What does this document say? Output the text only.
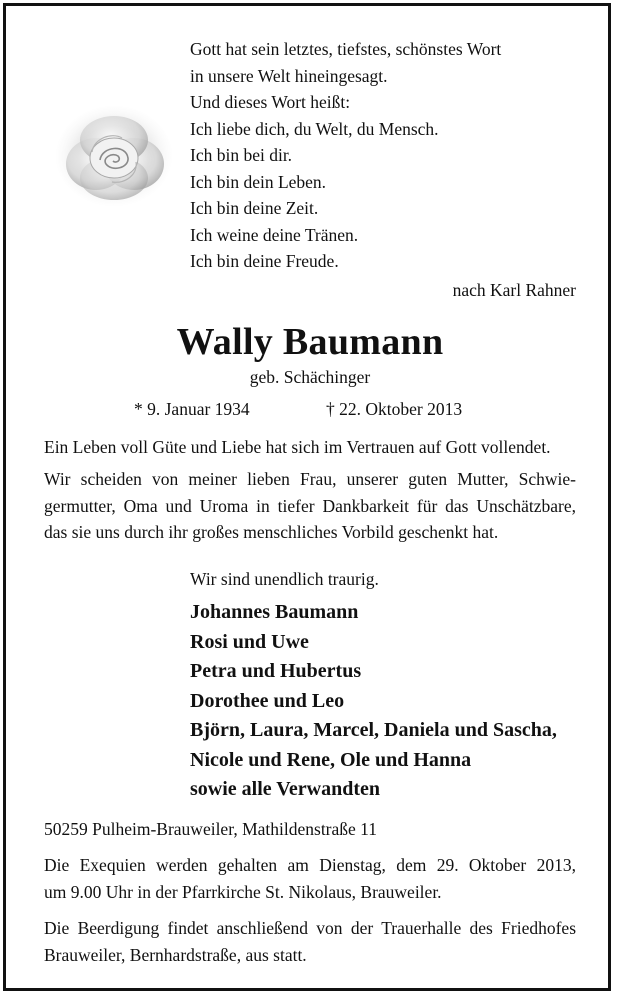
Gott hat sein letztes, tiefstes, schönstes Wort
in unsere Welt hineingesagt.
Und dieses Wort heißt:
Ich liebe dich, du Welt, du Mensch.
Ich bin bei dir.
Ich bin dein Leben.
Ich bin deine Zeit.
Ich weine deine Tränen.
Ich bin deine Freude.
nach Karl Rahner
Wally Baumann
geb. Schächinger
* 9. Januar 1934	† 22. Oktober 2013
Ein Leben voll Güte und Liebe hat sich im Vertrauen auf Gott vollendet.
Wir scheiden von meiner lieben Frau, unserer guten Mutter, Schwie-
germutter, Oma und Uroma in tiefer Dankbarkeit für das Unschätzbare,
das sie uns durch ihr großes menschliches Vorbild geschenkt hat.
Wir sind unendlich traurig.
Johannes Baumann
Rosi und Uwe
Petra und Hubertus
Dorothee und Leo
Björn, Laura, Marcel, Daniela und Sascha,
Nicole und Rene, Ole und Hanna
sowie alle Verwandten
50259 Pulheim-Brauweiler, Mathildenstraße 11
Die Exequien werden gehalten am Dienstag, dem 29. Oktober 2013,
um 9.00 Uhr in der Pfarrkirche St. Nikolaus, Brauweiler.
Die Beerdigung findet anschließend von der Trauerhalle des Friedhofes
Brauweiler, Bernhardstraße, aus statt.
